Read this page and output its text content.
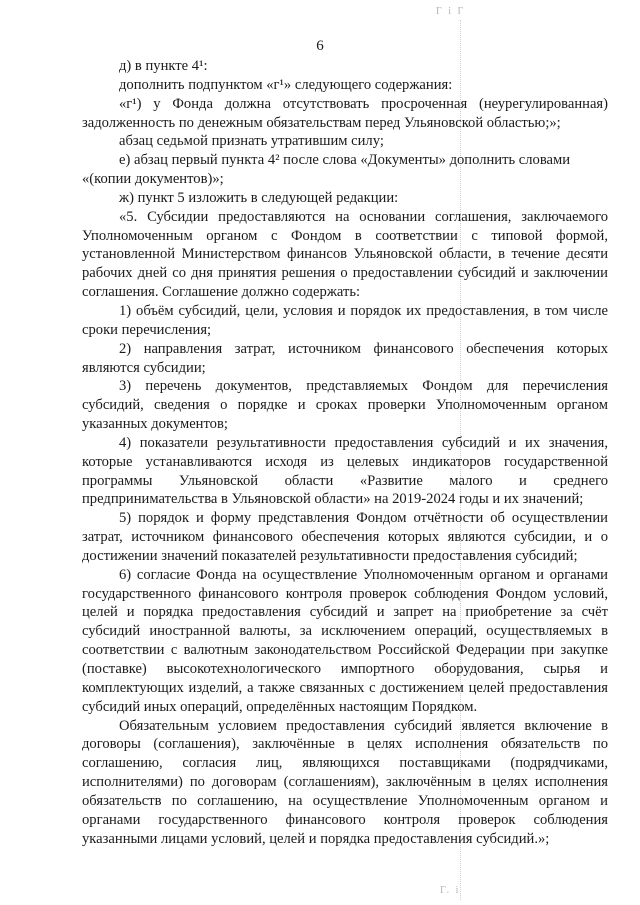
Г і Г
6

д) в пункте 4¹:

дополнить подпунктом «г¹» следующего содержания:

«г¹) у Фонда должна отсутствовать просроченная (неурегулированная) задолженность по денежным обязательствам перед Ульяновской областью;»;

абзац седьмой признать утратившим силу;

е) абзац первый пункта 4² после слова «Документы» дополнить словами «(копии документов)»;

ж) пункт 5 изложить в следующей редакции:

«5. Субсидии предоставляются на основании соглашения, заключаемого Уполномоченным органом с Фондом в соответствии с типовой формой, установленной Министерством финансов Ульяновской области, в течение десяти рабочих дней со дня принятия решения о предоставлении субсидий и заключении соглашения. Соглашение должно содержать:

1) объём субсидий, цели, условия и порядок их предоставления, в том числе сроки перечисления;

2) направления затрат, источником финансового обеспечения которых являются субсидии;

3) перечень документов, представляемых Фондом для перечисления субсидий, сведения о порядке и сроках проверки Уполномоченным органом указанных документов;

4) показатели результативности предоставления субсидий и их значения, которые устанавливаются исходя из целевых индикаторов государственной программы Ульяновской области «Развитие малого и среднего предпринимательства в Ульяновской области» на 2019-2024 годы и их значений;

5) порядок и форму представления Фондом отчётности об осуществлении затрат, источником финансового обеспечения которых являются субсидии, и о достижении значений показателей результативности предоставления субсидий;

6) согласие Фонда на осуществление Уполномоченным органом и органами государственного финансового контроля проверок соблюдения Фондом условий, целей и порядка предоставления субсидий и запрет на приобретение за счёт субсидий иностранной валюты, за исключением операций, осуществляемых в соответствии с валютным законодательством Российской Федерации при закупке (поставке) высокотехнологического импортного оборудования, сырья и комплектующих изделий, а также связанных с достижением целей предоставления субсидий иных операций, определённых настоящим Порядком.

Обязательным условием предоставления субсидий является включение в договоры (соглашения), заключённые в целях исполнения обязательств по соглашению, согласия лиц, являющихся поставщиками (подрядчиками, исполнителями) по договорам (соглашениям), заключённым в целях исполнения обязательств по соглашению, на осуществление Уполномоченным органом и органами государственного финансового контроля проверок соблюдения указанными лицами условий, целей и порядка предоставления субсидий.»;

Г. і
